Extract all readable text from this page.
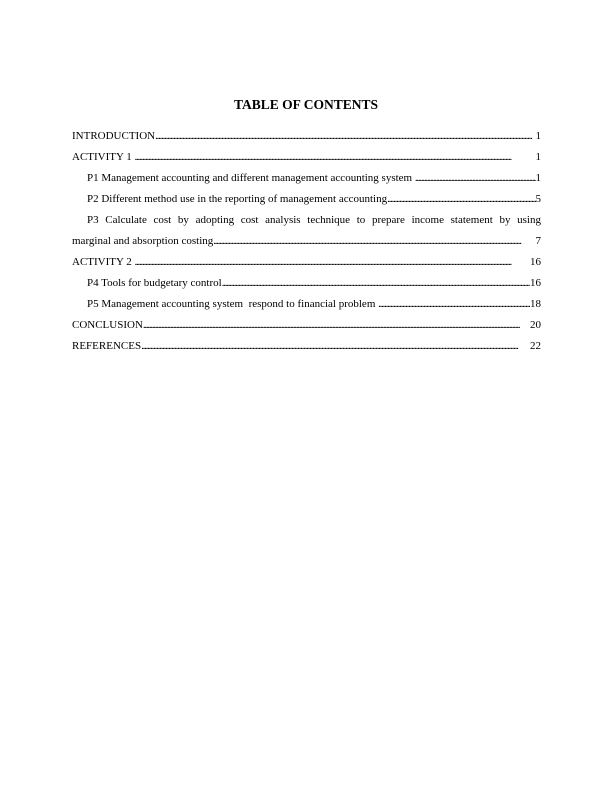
TABLE OF CONTENTS
INTRODUCTION . . .	1
ACTIVITY 1 . . .	1
P1 Management accounting and different management accounting system . . .	1
P2 Different method use in the reporting of management accounting . . .	5
P3 Calculate cost by adopting cost analysis technique to prepare income statement by using
marginal and absorption costing . . .	7
ACTIVITY 2 . . .	16
P4 Tools for budgetary control . . .	16
P5 Management accounting system  respond to financial problem . . .	18
CONCLUSION . . .	20
REFERENCES . . .	22
